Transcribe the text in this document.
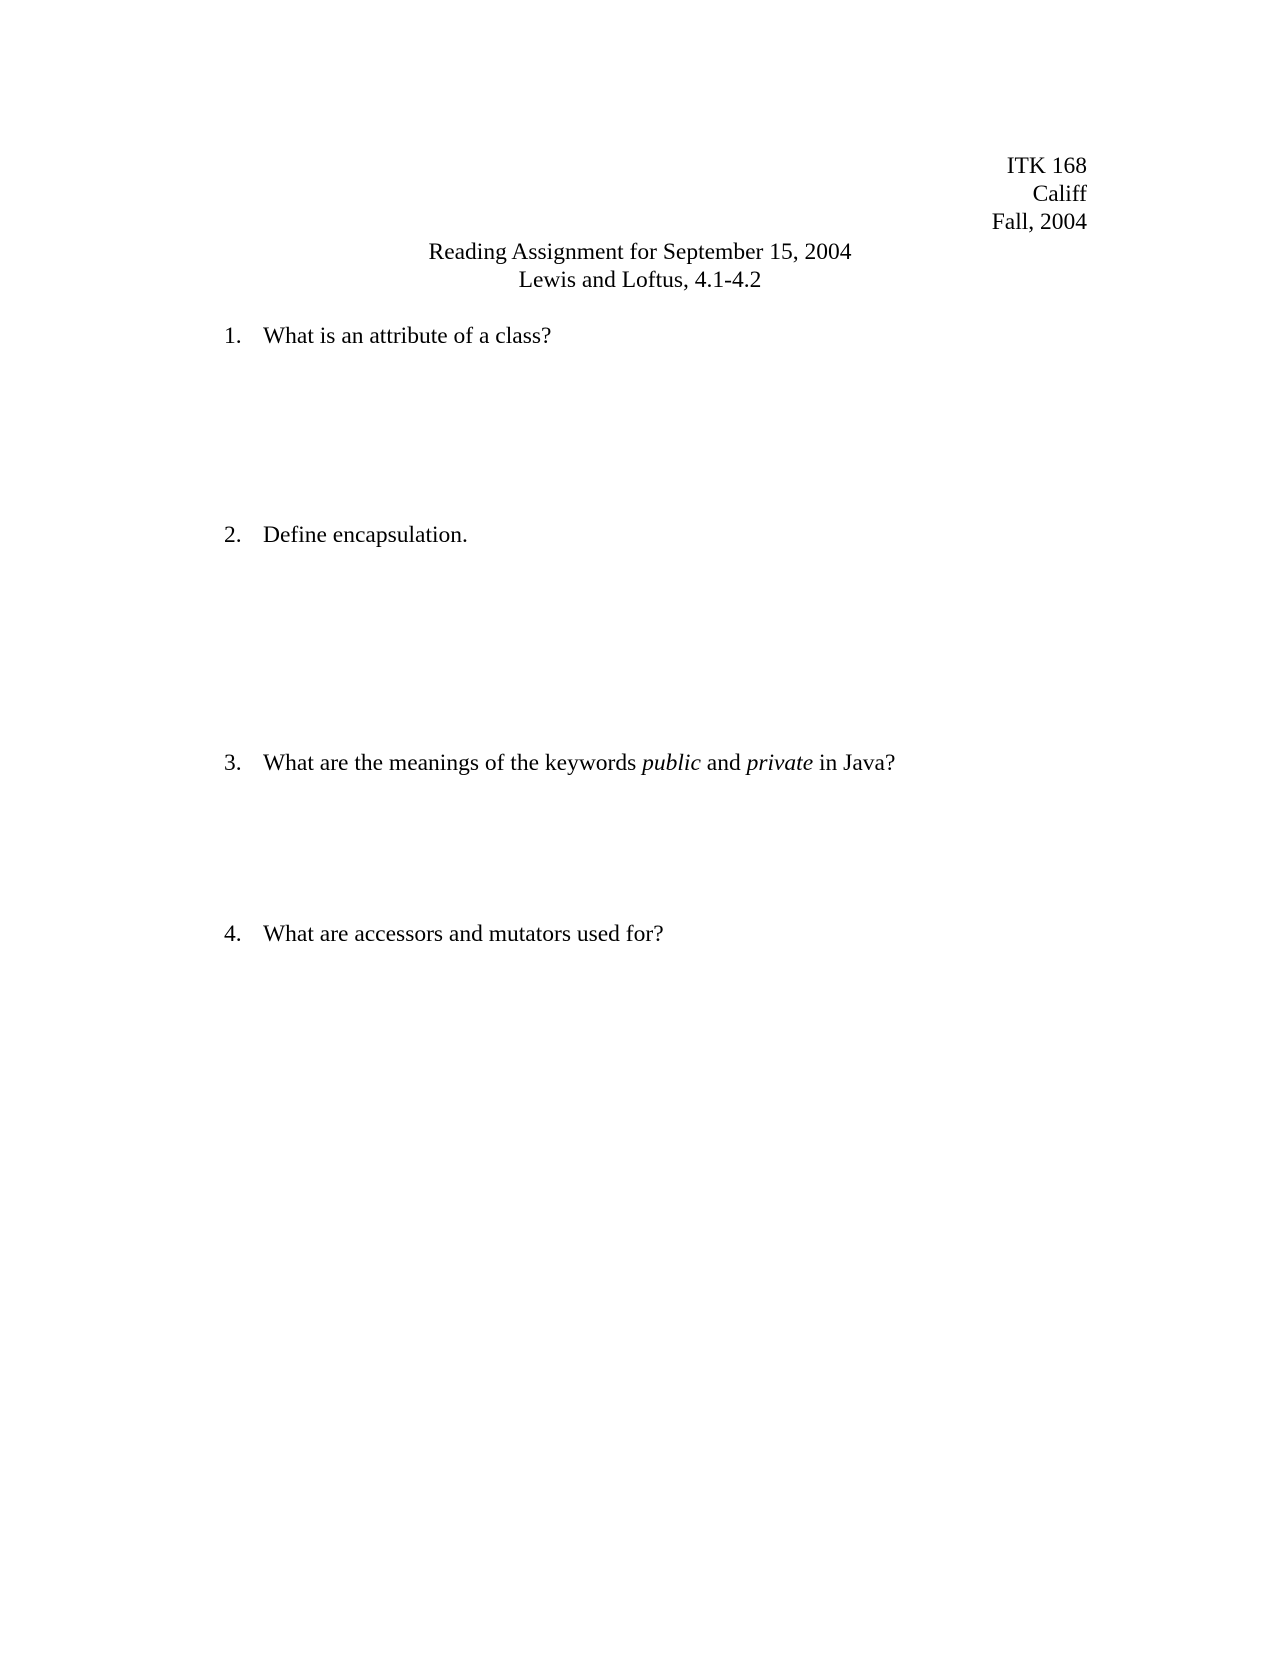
ITK 168
Califf
Fall, 2004
Reading Assignment for September 15, 2004
Lewis and Loftus, 4.1-4.2
1. What is an attribute of a class?
2. Define encapsulation.
3. What are the meanings of the keywords public and private in Java?
4. What are accessors and mutators used for?
